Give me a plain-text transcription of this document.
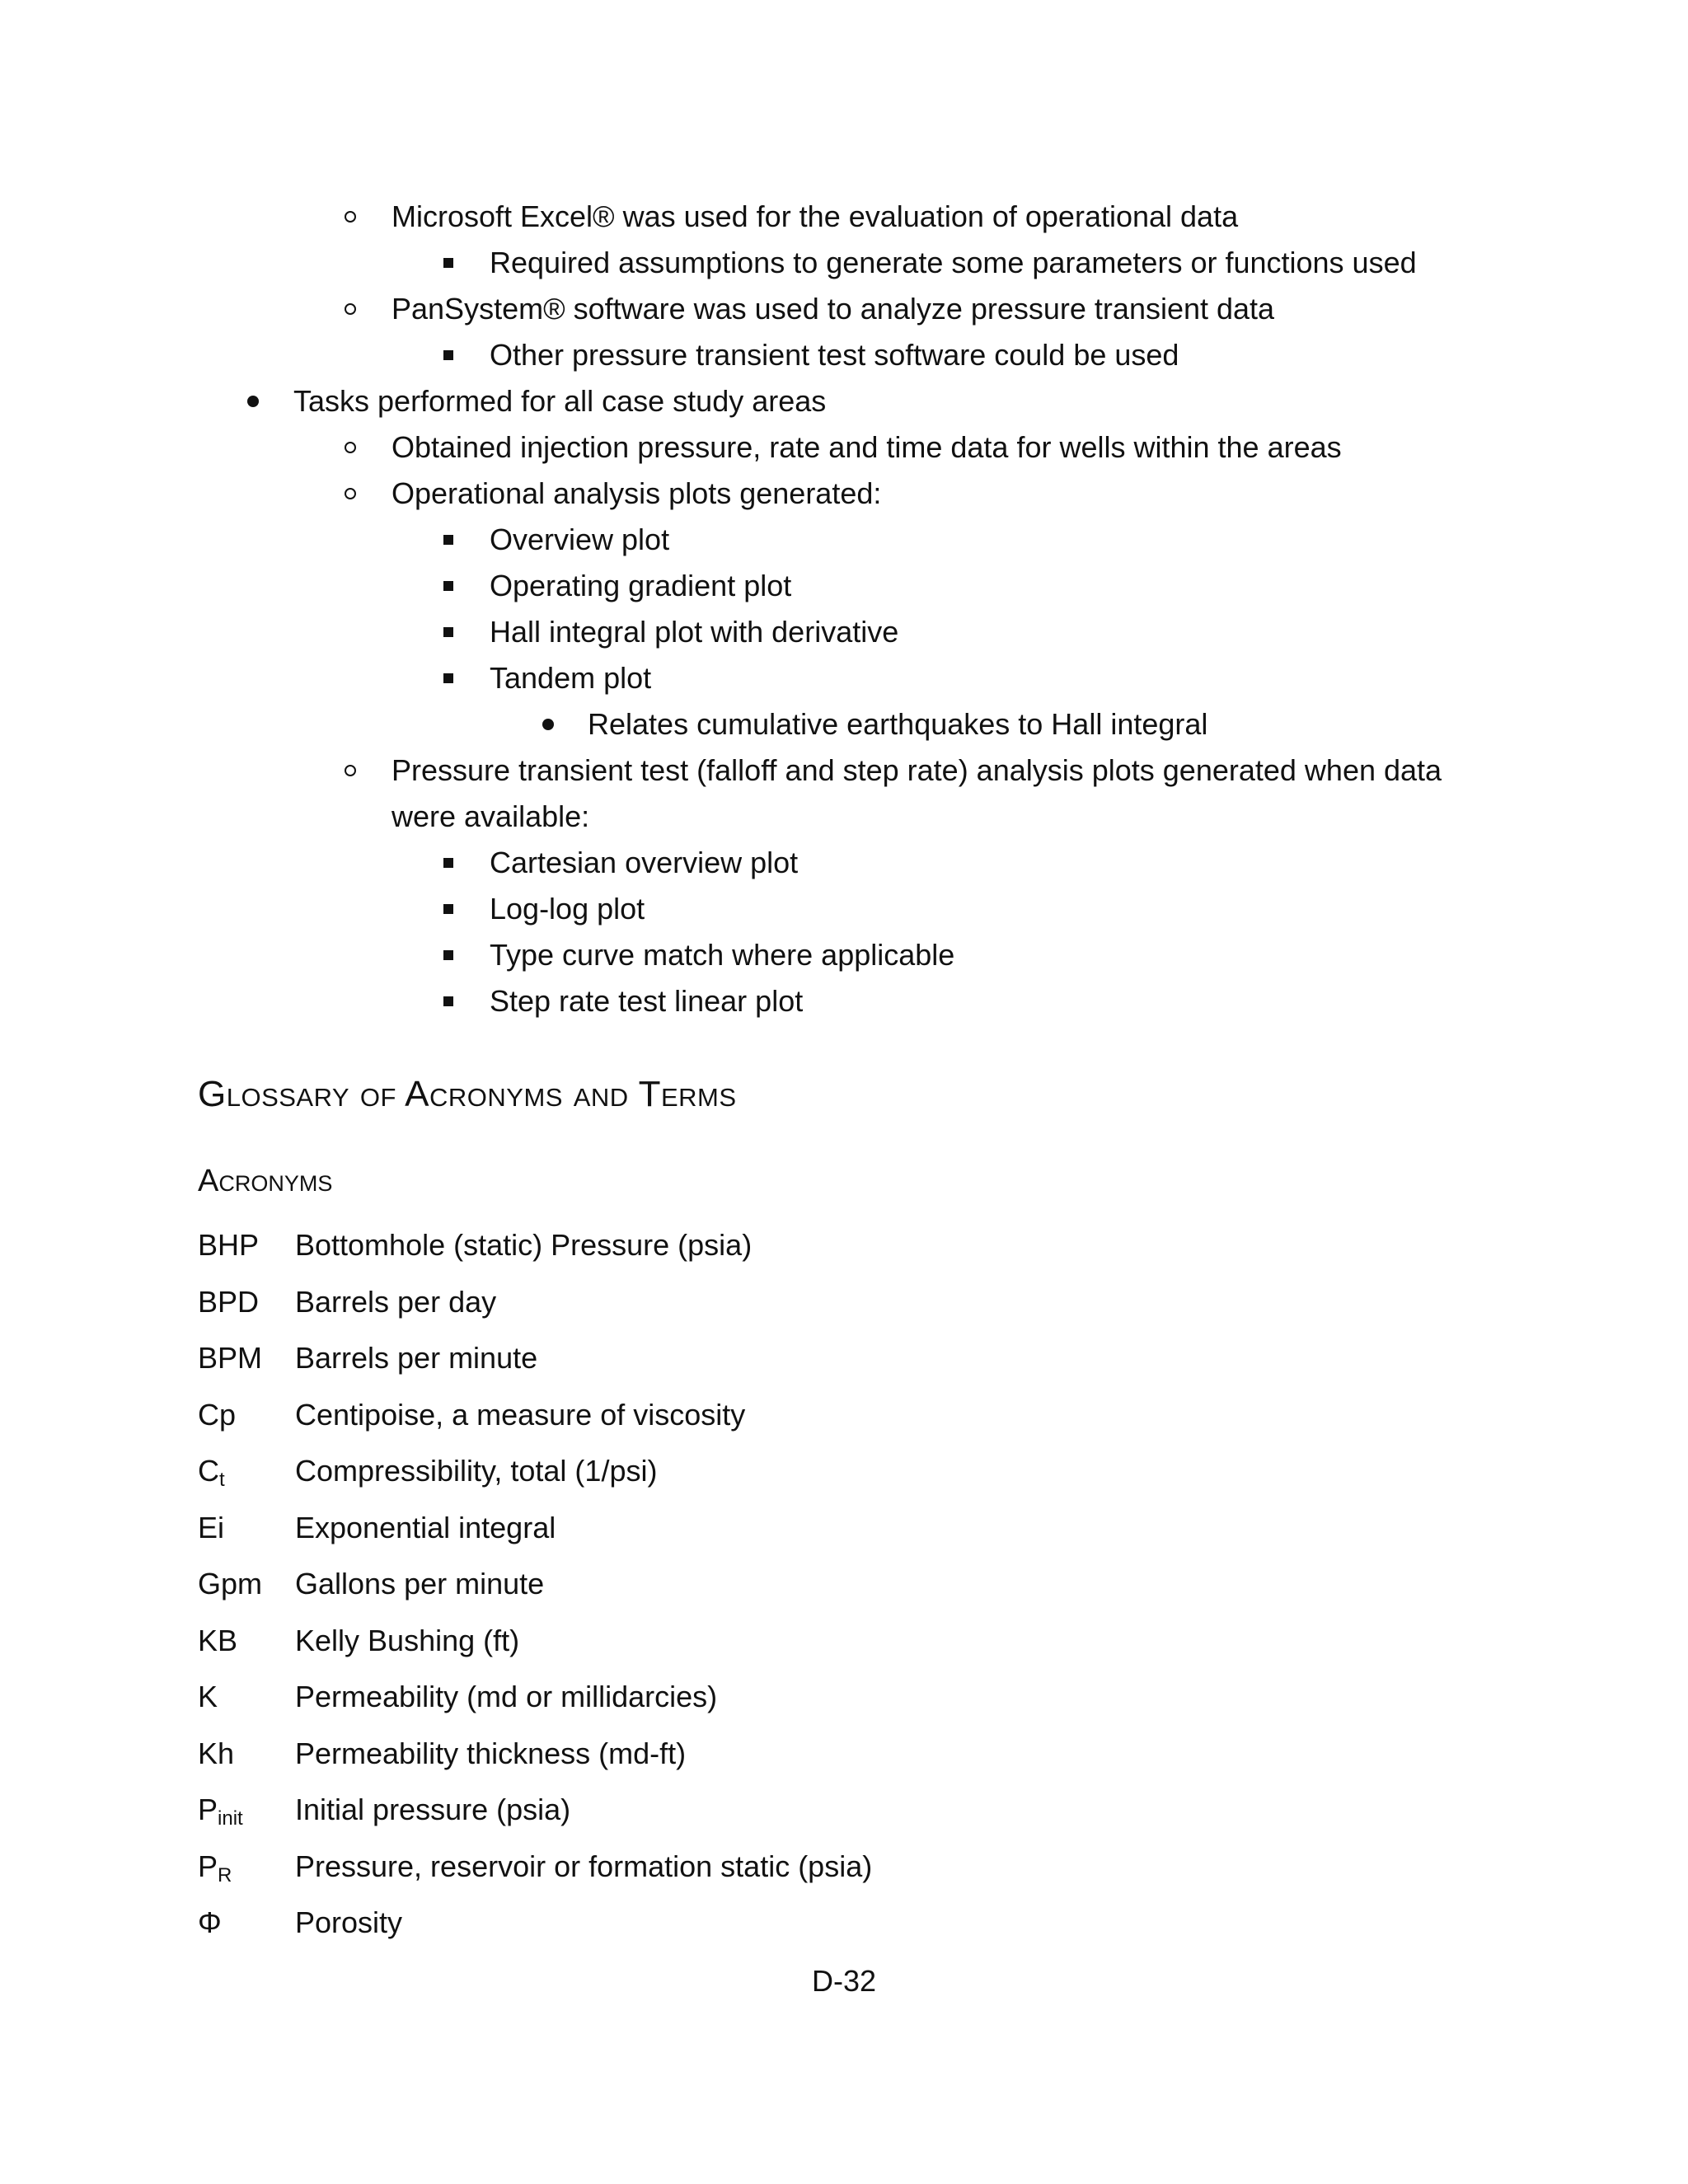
Microsoft Excel® was used for the evaluation of operational data
Required assumptions to generate some parameters or functions used
PanSystem® software was used to analyze pressure transient data
Other pressure transient test software could be used
Tasks performed for all case study areas
Obtained injection pressure, rate and time data for wells within the areas
Operational analysis plots generated:
Overview plot
Operating gradient plot
Hall integral plot with derivative
Tandem plot
Relates cumulative earthquakes to Hall integral
Pressure transient test (falloff and step rate) analysis plots generated when data
were available:
Cartesian overview plot
Log-log plot
Type curve match where applicable
Step rate test linear plot
Glossary of Acronyms and Terms
Acronyms
BHP Bottomhole (static) Pressure (psia)
BPD Barrels per day
BPM Barrels per minute
Cp Centipoise, a measure of viscosity
$C_t$ Compressibility, total (1/psi)
Ei Exponential integral
Gpm Gallons per minute
KB Kelly Bushing (ft)
K	Permeability (md or millidarcies)
Kh Permeability thickness (md-ft)
$P_{init}$ Initial pressure (psia)
$P_R$ Pressure, reservoir or formation static (psia)
Φ Porosity
D-32
